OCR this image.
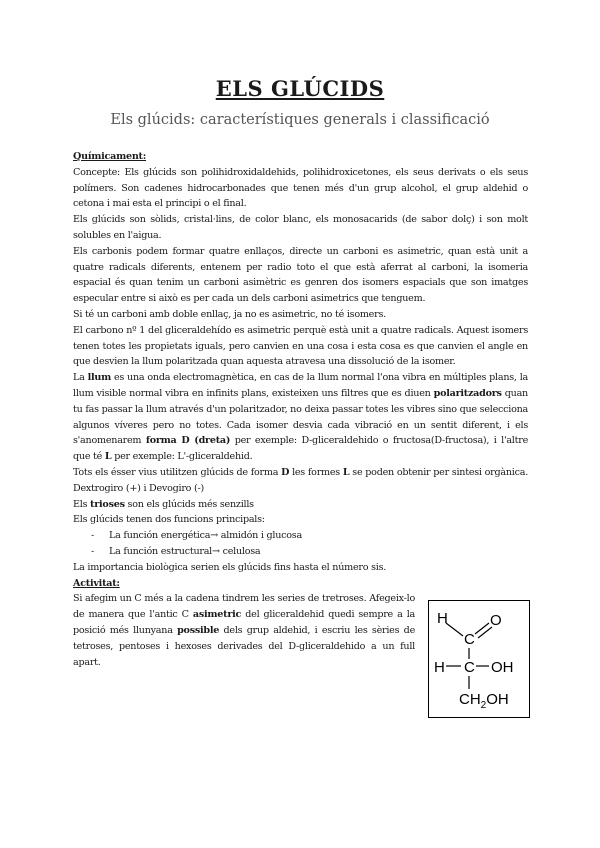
ELS GLÚCIDS

Els glúcids: característiques generals i classificació

Químicament:

Concepte: Els glúcids son polihidroxidaldehids, polihidroxicetones, els seus derivats o els seus polímers. Son cadenes hidrocarbonades que tenen més d'un grup alcohol, el grup aldehid o cetona i mai esta el principi o el final.

Els glúcids son sòlids, cristal·lins, de color blanc, els monosacarids (de sabor dolç) i son molt solubles en l'aigua.

Els carbonis podem formar quatre enllaços, directe un carboni es asimetric, quan està unit a quatre radicals diferents, entenem per radio toto el que està aferrat al carboni, la isomeria espacial és quan tenim un carboni asimètric es genren dos isomers espacials que son imatges especular entre si això es per cada un dels carboni asimetrics que tenguem.

Si té un carboni amb doble enllaç, ja no es asimetric, no té isomers.

El carbono nº 1 del gliceraldehído es asimetric perquè està unit a quatre radicals. Aquest isomers tenen totes les propietats iguals, pero canvien en una cosa i esta cosa es que canvien el angle en que desvien la llum polaritzada quan aquesta atravesa una dissolució de la isomer.

La llum es una onda electromagnètica, en cas de la llum normal l'ona vibra en múltiples plans, la llum visible normal vibra en infinits plans, existeixen uns filtres que es diuen polaritzadors quan tu fas passar la llum através d'un polaritzador, no deixa passar totes les vibres sino que selecciona algunos víveres pero no totes. Cada isomer desvia cada vibració en un sentit diferent, i els s'anomenarem forma D (dreta) per exemple: D-gliceraldehido o fructosa(D-fructosa), i l'altre que té L per exemple: L'-gliceraldehid.

Tots els ésser vius utilitzen glúcids de forma D les formes L se poden obtenir per sintesi orgànica. Dextrogiro (+) i Devogiro (-)

Els trioses son els glúcids més senzills

Els glúcids tenen dos funcions principals:

- La función energética→ almidón i glucosa
- La función estructural→ celulosa

La importancia biològica serien els glúcids fins hasta el número sis.

Activitat:

Si afegim un C més a la cadena tindrem les series de tretroses. Afegeix-lo de manera que l'antic C asimetric del gliceraldehid quedi sempre a la posició més llunyana possible dels grup aldehid, i escriu les sèries de tetroses, pentoses i hexoses derivades del D-gliceraldehido a un full apart.

H
C
O
H C OH
$CH_2OH$
